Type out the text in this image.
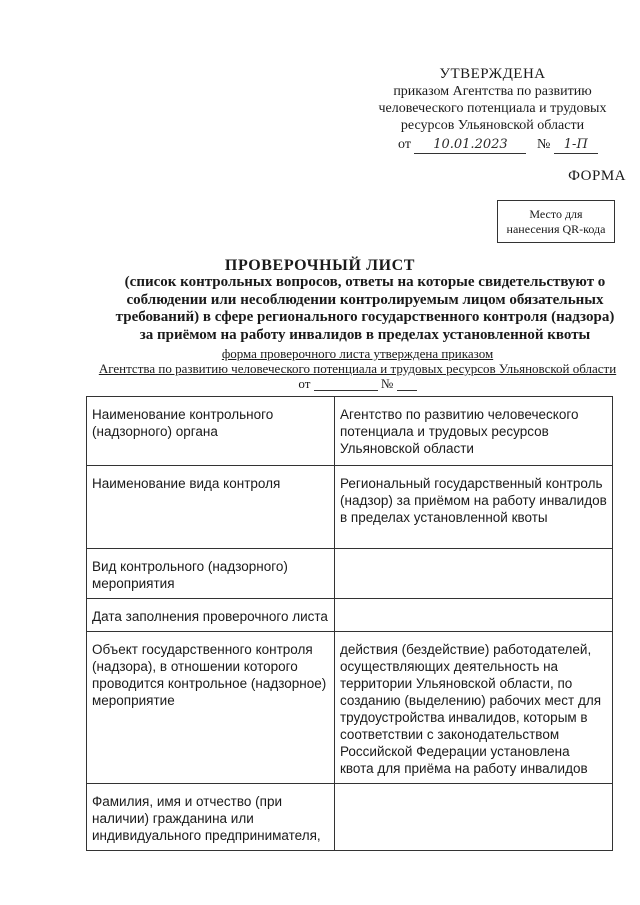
УТВЕРЖДЕНА
приказом Агентства по развитию
человеческого потенциала и трудовых
ресурсов Ульяновской области
от 10.01.2023 № 1-П
ФОРМА
Место для
нанесения QR-кода
ПРОВЕРОЧНЫЙ ЛИСТ
(список контрольных вопросов, ответы на которые свидетельствуют о
соблюдении или несоблюдении контролируемым лицом обязательных
требований) в сфере регионального государственного контроля (надзора)
за приёмом на работу инвалидов в пределах установленной квоты
форма проверочного листа утверждена приказом
Агентства по развитию человеческого потенциала и трудовых ресурсов Ульяновской области
от	№
Наименование контрольного (надзорного) органа	Агентство по развитию человеческого потенциала и трудовых ресурсов Ульяновской области
Наименование вида контроля	Региональный государственный контроль (надзор) за приёмом на работу инвалидов в пределах установленной квоты
Вид контрольного (надзорного) мероприятия	
Дата заполнения проверочного листа	
Объект государственного контроля (надзора), в отношении которого проводится контрольное (надзорное) мероприятие	действия (бездействие) работодателей, осуществляющих деятельность на территории Ульяновской области, по созданию (выделению) рабочих мест для трудоустройства инвалидов, которым в соответствии с законодательством Российской Федерации установлена квота для приёма на работу инвалидов
Фамилия, имя и отчество (при наличии) гражданина или индивидуального предпринимателя,	
